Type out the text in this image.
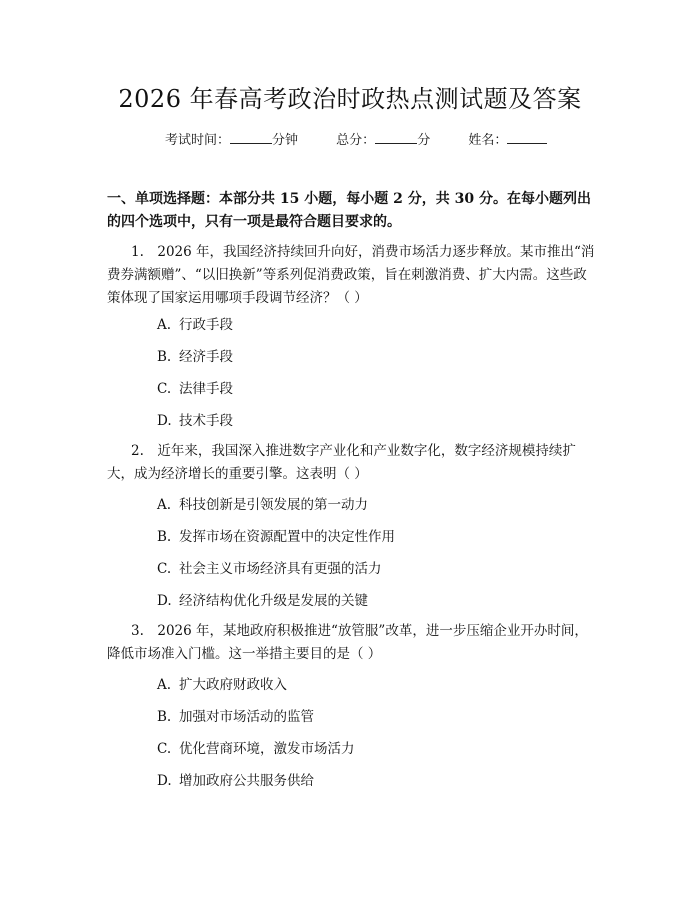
2026 年春高考政治时政热点测试题及答案
考试时间：	分钟	总分：	分	姓名：

一、单项选择题：本部分共 15 小题，每小题 2 分，共 30 分。在每小题列出的四个选项中，只有一项是最符合题目要求的。

1.　2026 年，我国经济持续回升向好，消费市场活力逐步释放。某市推出“消费券满额赠”、“以旧换新”等系列促消费政策，旨在刺激消费、扩大内需。这些政策体现了国家运用哪项手段调节经济？（ ）

A. 行政手段
B. 经济手段
C. 法律手段
D. 技术手段

2.　近年来，我国深入推进数字产业化和产业数字化，数字经济规模持续扩大，成为经济增长的重要引擎。这表明（ ）

A. 科技创新是引领发展的第一动力
B. 发挥市场在资源配置中的决定性作用
C. 社会主义市场经济具有更强的活力
D. 经济结构优化升级是发展的关键

3.　2026 年，某地政府积极推进“放管服”改革，进一步压缩企业开办时间，降低市场准入门槛。这一举措主要目的是（ ）

A. 扩大政府财政收入
B. 加强对市场活动的监管
C. 优化营商环境，激发市场活力
D. 增加政府公共服务供给
